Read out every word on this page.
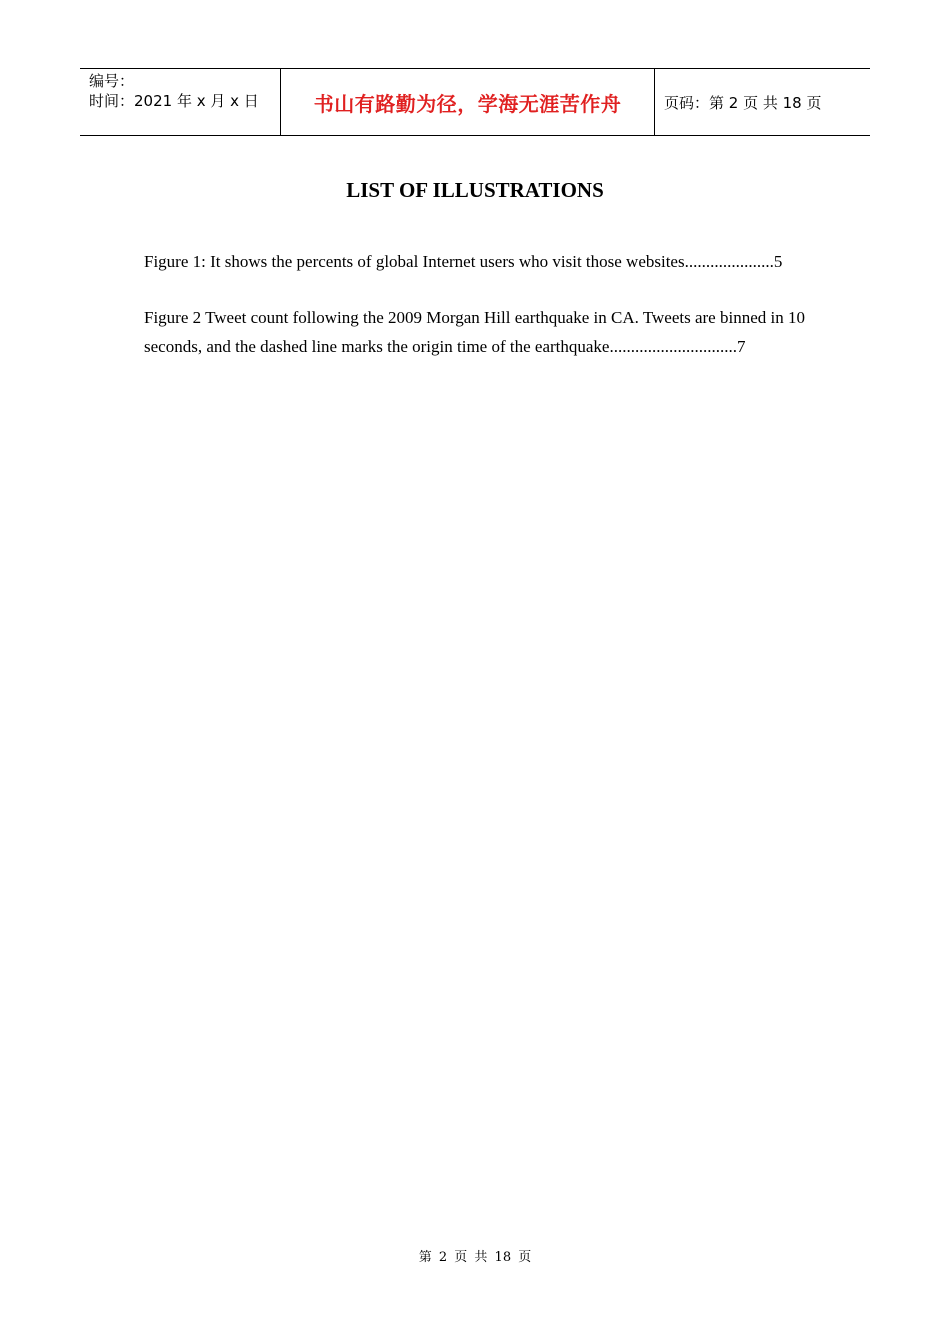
编号：
时间：2021 年 x 月 x 日	书山有路勤为径，学海无涯苦作舟	页码：第 2 页 共 18 页
LIST OF ILLUSTRATIONS
Figure 1: It shows the percents of global Internet users who visit those websites.....................5
Figure 2 Tweet count following the 2009 Morgan Hill earthquake in CA. Tweets are binned in 10 seconds, and the dashed line marks the origin time of the earthquake..............................7
第 2 页 共 18 页
